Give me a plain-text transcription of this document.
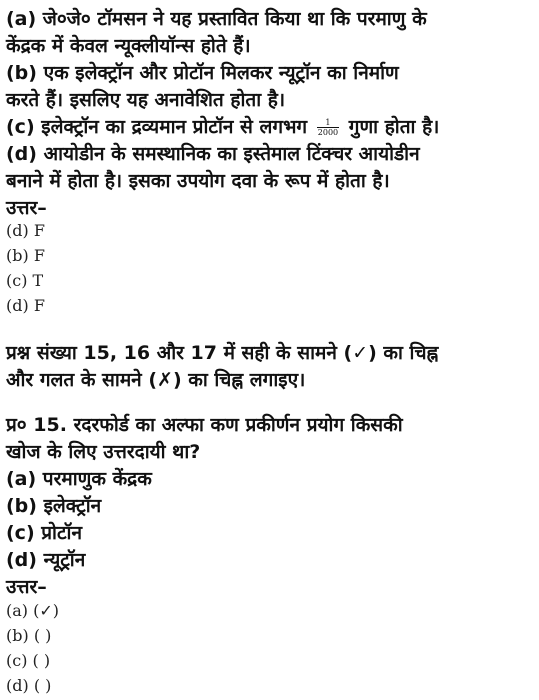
(a) जे०जे० टॉमसन ने यह प्रस्तावित किया था कि परमाणु के
केंद्रक में केवल न्यूक्लीयॉन्स होते हैं।
(b) एक इलेक्ट्रॉन और प्रोटॉन मिलकर न्यूट्रॉन का निर्माण
करते हैं। इसलिए यह अनावेशित होता है।
(c) इलेक्ट्रॉन का द्रव्यमान प्रोटॉन से लगभग $\frac{1}{2000}$ गुणा होता है।
(d) आयोडीन के समस्थानिक का इस्तेमाल टिंक्चर आयोडीन
बनाने में होता है। इसका उपयोग दवा के रूप में होता है।
उत्तर–
(d) F
(b) F
(c) T
(d) F
प्रश्न संख्या 15, 16 और 17 में सही के सामने (✓) का चिह्न
और गलत के सामने (✗) का चिह्न लगाइए।
प्र० 15. रदरफोर्ड का अल्फा कण प्रकीर्णन प्रयोग किसकी
खोज के लिए उत्तरदायी था?
(a) परमाणुक केंद्रक
(b) इलेक्ट्रॉन
(c) प्रोटॉन
(d) न्यूट्रॉन
उत्तर–
(a) (✓)
(b) ( )
(c) ( )
(d) ( )
